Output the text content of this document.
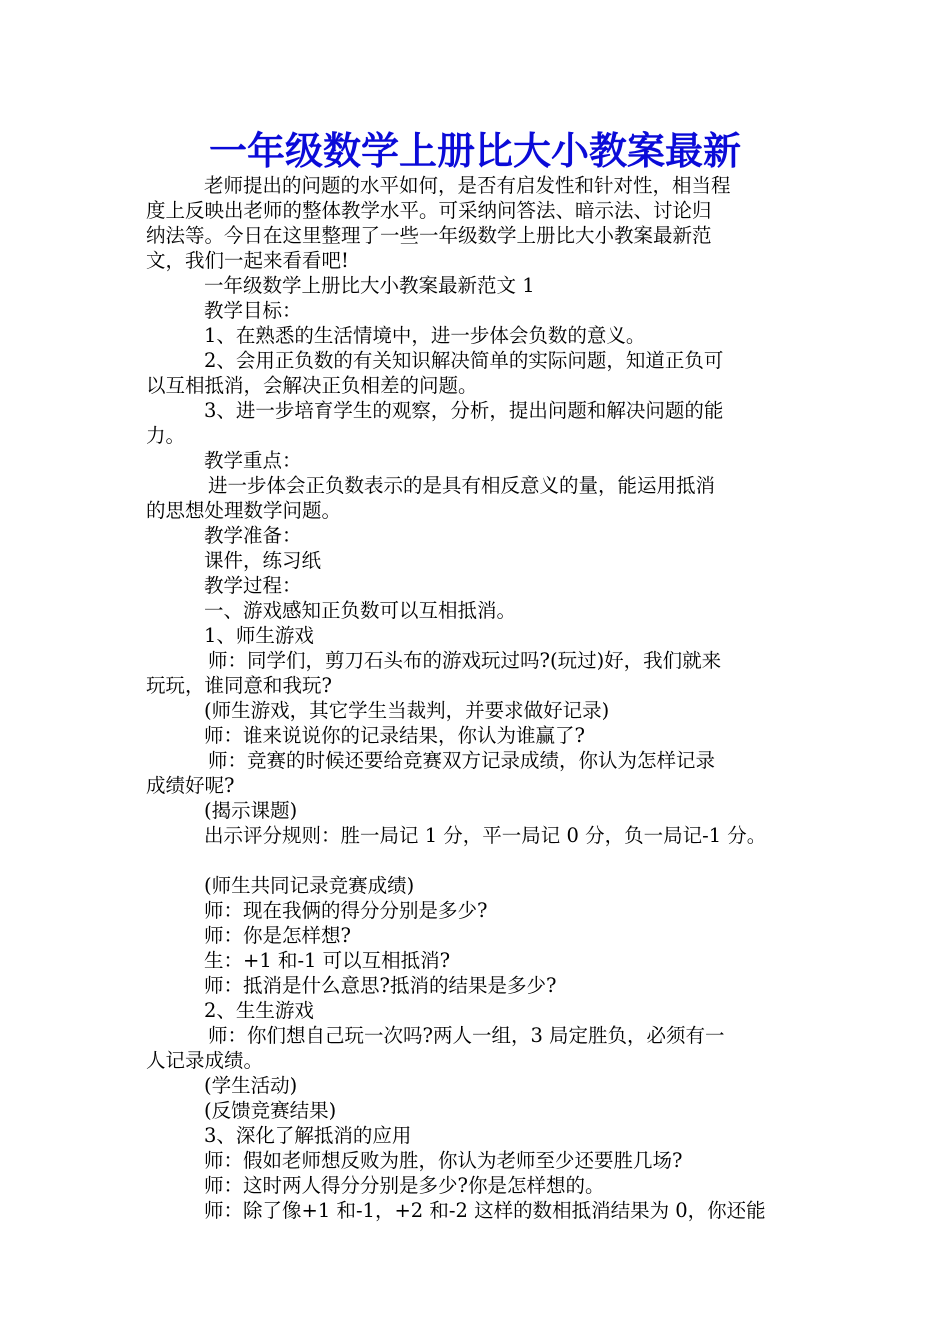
一年级数学上册比大小教案最新
老师提出的问题的水平如何，是否有启发性和针对性，相当程
度上反映出老师的整体教学水平。可采纳问答法、暗示法、讨论归
纳法等。今日在这里整理了一些一年级数学上册比大小教案最新范
文，我们一起来看看吧!
一年级数学上册比大小教案最新范文 1
教学目标：
1、在熟悉的生活情境中，进一步体会负数的意义。
2、会用正负数的有关知识解决简单的实际问题，知道正负可
以互相抵消，会解决正负相差的问题。
3、进一步培育学生的观察，分析，提出问题和解决问题的能
力。
教学重点：
进一步体会正负数表示的是具有相反意义的量，能运用抵消
的思想处理数学问题。
教学准备：
课件，练习纸
教学过程：
一、游戏感知正负数可以互相抵消。
1、师生游戏
师：同学们，剪刀石头布的游戏玩过吗?(玩过)好，我们就来
玩玩，谁同意和我玩?
(师生游戏，其它学生当裁判，并要求做好记录)
师：谁来说说你的记录结果，你认为谁赢了?
师：竞赛的时候还要给竞赛双方记录成绩，你认为怎样记录
成绩好呢?
(揭示课题)
出示评分规则：胜一局记 1 分，平一局记 0 分，负一局记-1 分。
(师生共同记录竞赛成绩)
师：现在我俩的得分分别是多少?
师：你是怎样想?
生：+1 和-1 可以互相抵消?
师：抵消是什么意思?抵消的结果是多少?
2、生生游戏
师：你们想自己玩一次吗?两人一组，3 局定胜负，必须有一
人记录成绩。
(学生活动)
(反馈竞赛结果)
3、深化了解抵消的应用
师：假如老师想反败为胜，你认为老师至少还要胜几场?
师：这时两人得分分别是多少?你是怎样想的。
师：除了像+1 和-1，+2 和-2 这样的数相抵消结果为 0，你还能
